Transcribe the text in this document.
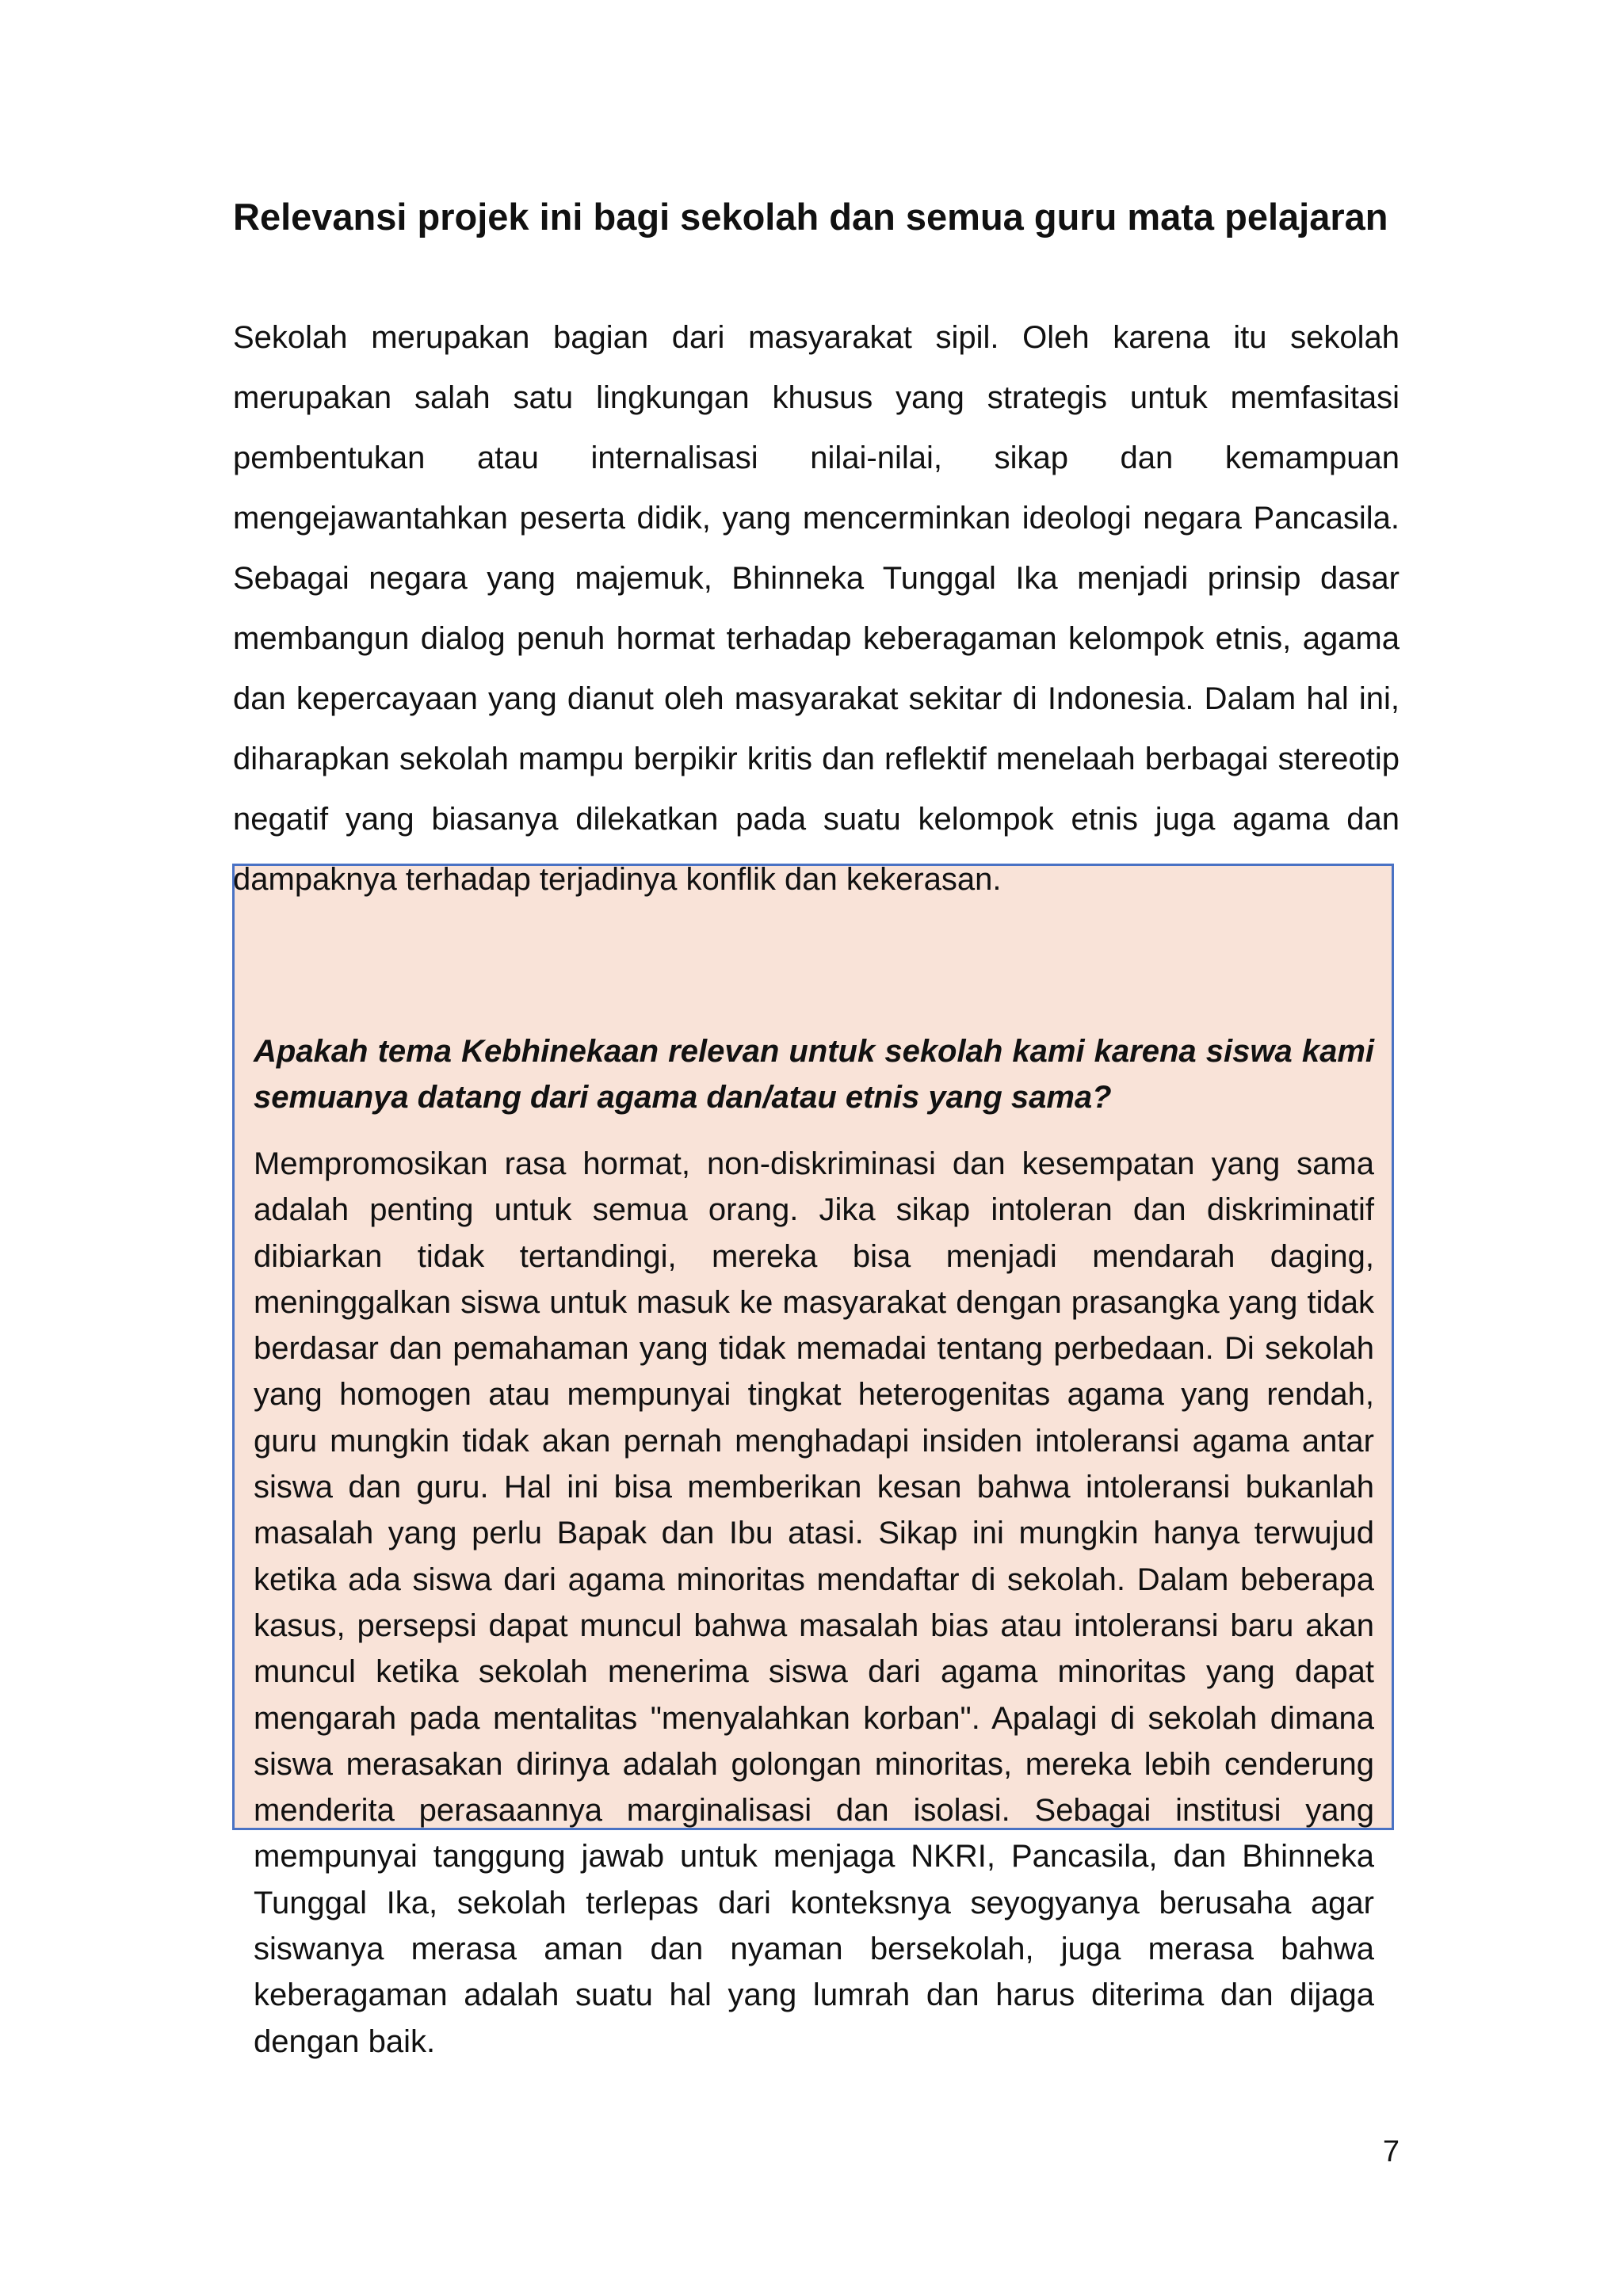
Relevansi projek ini bagi sekolah dan semua guru mata pelajaran

Sekolah merupakan bagian dari masyarakat sipil. Oleh karena itu sekolah merupakan salah satu lingkungan khusus yang strategis untuk memfasitasi pembentukan atau internalisasi nilai-nilai, sikap dan kemampuan mengejawantahkan peserta didik, yang mencerminkan ideologi negara Pancasila. Sebagai negara yang majemuk, Bhinneka Tunggal Ika menjadi prinsip dasar membangun dialog penuh hormat terhadap keberagaman kelompok etnis, agama dan kepercayaan yang dianut oleh masyarakat sekitar di Indonesia. Dalam hal ini, diharapkan sekolah mampu berpikir kritis dan reflektif menelaah berbagai stereotip negatif yang biasanya dilekatkan pada suatu kelompok etnis juga agama dan dampaknya terhadap terjadinya konflik dan kekerasan.

Apakah tema Kebhinekaan relevan untuk sekolah kami karena siswa kami semuanya datang dari agama dan/atau etnis yang sama?

Mempromosikan rasa hormat, non-diskriminasi dan kesempatan yang sama adalah penting untuk semua orang. Jika sikap intoleran dan diskriminatif dibiarkan tidak tertandingi, mereka bisa menjadi mendarah daging, meninggalkan siswa untuk masuk ke masyarakat dengan prasangka yang tidak berdasar dan pemahaman yang tidak memadai tentang perbedaan. Di sekolah yang homogen atau mempunyai tingkat heterogenitas agama yang rendah, guru mungkin tidak akan pernah menghadapi insiden intoleransi agama antar siswa dan guru. Hal ini bisa memberikan kesan bahwa intoleransi bukanlah masalah yang perlu Bapak dan Ibu atasi. Sikap ini mungkin hanya terwujud ketika ada siswa dari agama minoritas mendaftar di sekolah. Dalam beberapa kasus, persepsi dapat muncul bahwa masalah bias atau intoleransi baru akan muncul ketika sekolah menerima siswa dari agama minoritas yang dapat mengarah pada mentalitas "menyalahkan korban". Apalagi di sekolah dimana siswa merasakan dirinya adalah golongan minoritas, mereka lebih cenderung menderita perasaannya marginalisasi dan isolasi. Sebagai institusi yang mempunyai tanggung jawab untuk menjaga NKRI, Pancasila, dan Bhinneka Tunggal Ika, sekolah terlepas dari konteksnya seyogyanya berusaha agar siswanya merasa aman dan nyaman bersekolah, juga merasa bahwa keberagaman adalah suatu hal yang lumrah dan harus diterima dan dijaga dengan baik.

7
